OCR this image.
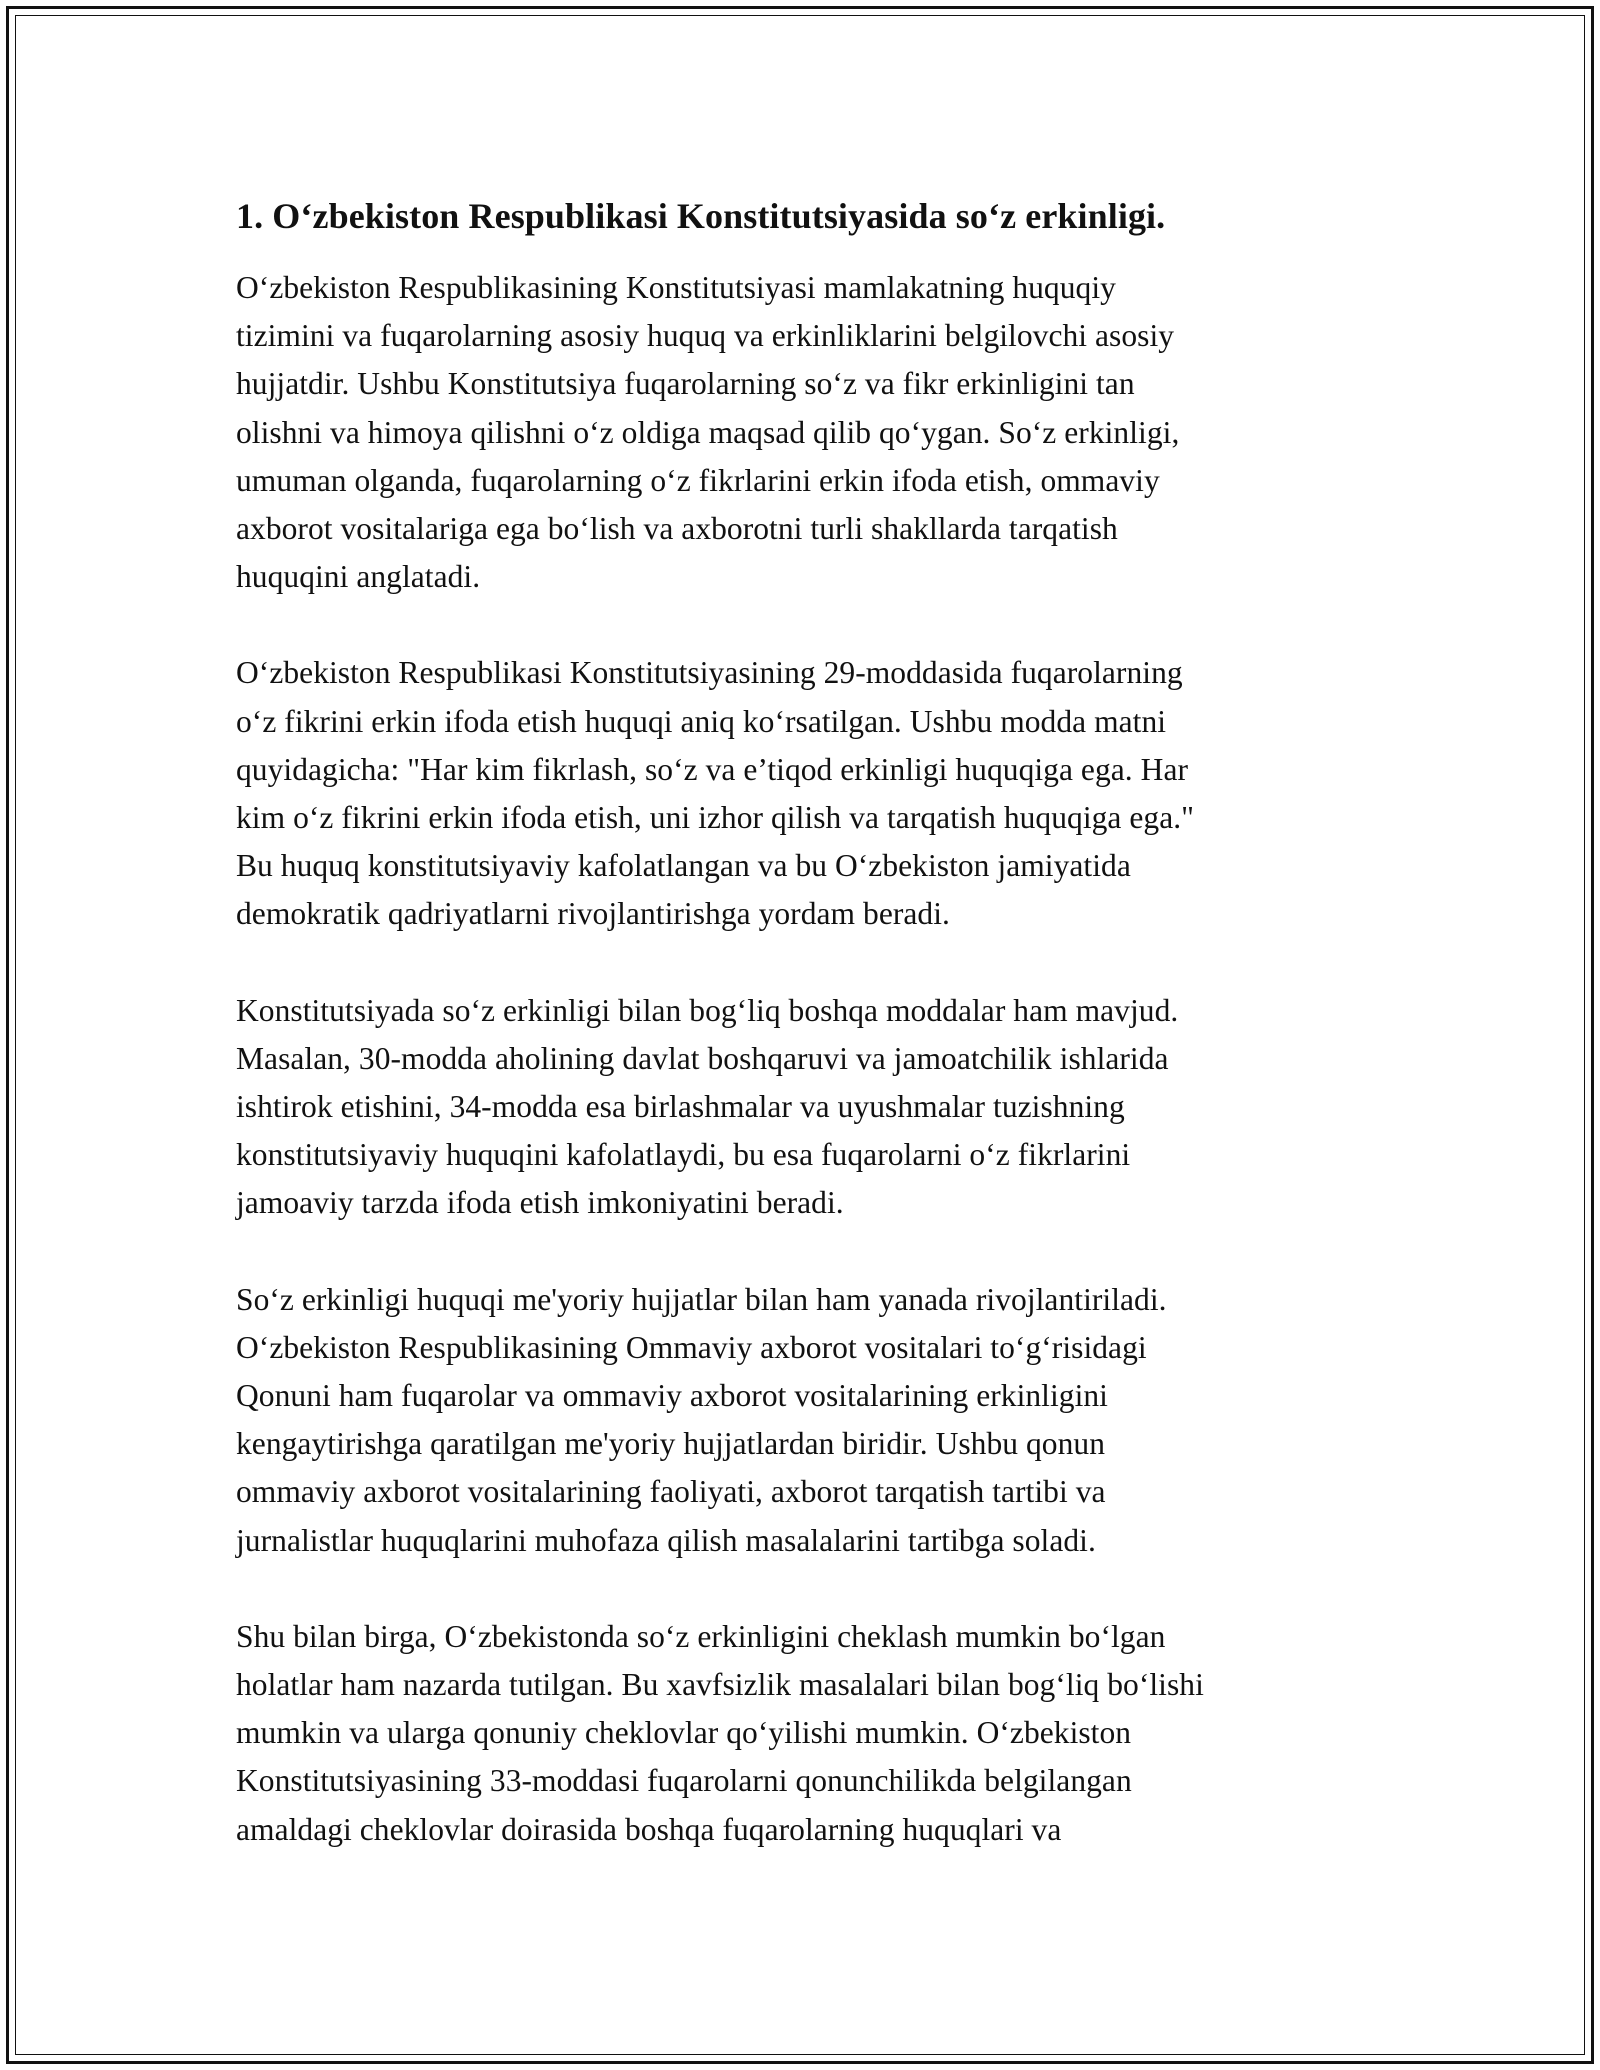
1. O‘zbekiston Respublikasi Konstitutsiyasida so‘z erkinligi.

O‘zbekiston Respublikasining Konstitutsiyasi mamlakatning huquqiy
tizimini va fuqarolarning asosiy huquq va erkinliklarini belgilovchi asosiy
hujjatdir. Ushbu Konstitutsiya fuqarolarning so‘z va fikr erkinligini tan
olishni va himoya qilishni o‘z oldiga maqsad qilib qo‘ygan. So‘z erkinligi,
umuman olganda, fuqarolarning o‘z fikrlarini erkin ifoda etish, ommaviy
axborot vositalariga ega bo‘lish va axborotni turli shakllarda tarqatish
huquqini anglatadi.

O‘zbekiston Respublikasi Konstitutsiyasining 29-moddasida fuqarolarning
o‘z fikrini erkin ifoda etish huquqi aniq ko‘rsatilgan. Ushbu modda matni
quyidagicha: "Har kim fikrlash, so‘z va e’tiqod erkinligi huquqiga ega. Har
kim o‘z fikrini erkin ifoda etish, uni izhor qilish va tarqatish huquqiga ega."
Bu huquq konstitutsiyaviy kafolatlangan va bu O‘zbekiston jamiyatida
demokratik qadriyatlarni rivojlantirishga yordam beradi.

Konstitutsiyada so‘z erkinligi bilan bog‘liq boshqa moddalar ham mavjud.
Masalan, 30-modda aholining davlat boshqaruvi va jamoatchilik ishlarida
ishtirok etishini, 34-modda esa birlashmalar va uyushmalar tuzishning
konstitutsiyaviy huquqini kafolatlaydi, bu esa fuqarolarni o‘z fikrlarini
jamoaviy tarzda ifoda etish imkoniyatini beradi.

So‘z erkinligi huquqi me'yoriy hujjatlar bilan ham yanada rivojlantiriladi.
O‘zbekiston Respublikasining Ommaviy axborot vositalari to‘g‘risidagi
Qonuni ham fuqarolar va ommaviy axborot vositalarining erkinligini
kengaytirishga qaratilgan me'yoriy hujjatlardan biridir. Ushbu qonun
ommaviy axborot vositalarining faoliyati, axborot tarqatish tartibi va
jurnalistlar huquqlarini muhofaza qilish masalalarini tartibga soladi.

Shu bilan birga, O‘zbekistonda so‘z erkinligini cheklash mumkin bo‘lgan
holatlar ham nazarda tutilgan. Bu xavfsizlik masalalari bilan bog‘liq bo‘lishi
mumkin va ularga qonuniy cheklovlar qo‘yilishi mumkin. O‘zbekiston
Konstitutsiyasining 33-moddasi fuqarolarni qonunchilikda belgilangan
amaldagi cheklovlar doirasida boshqa fuqarolarning huquqlari va
